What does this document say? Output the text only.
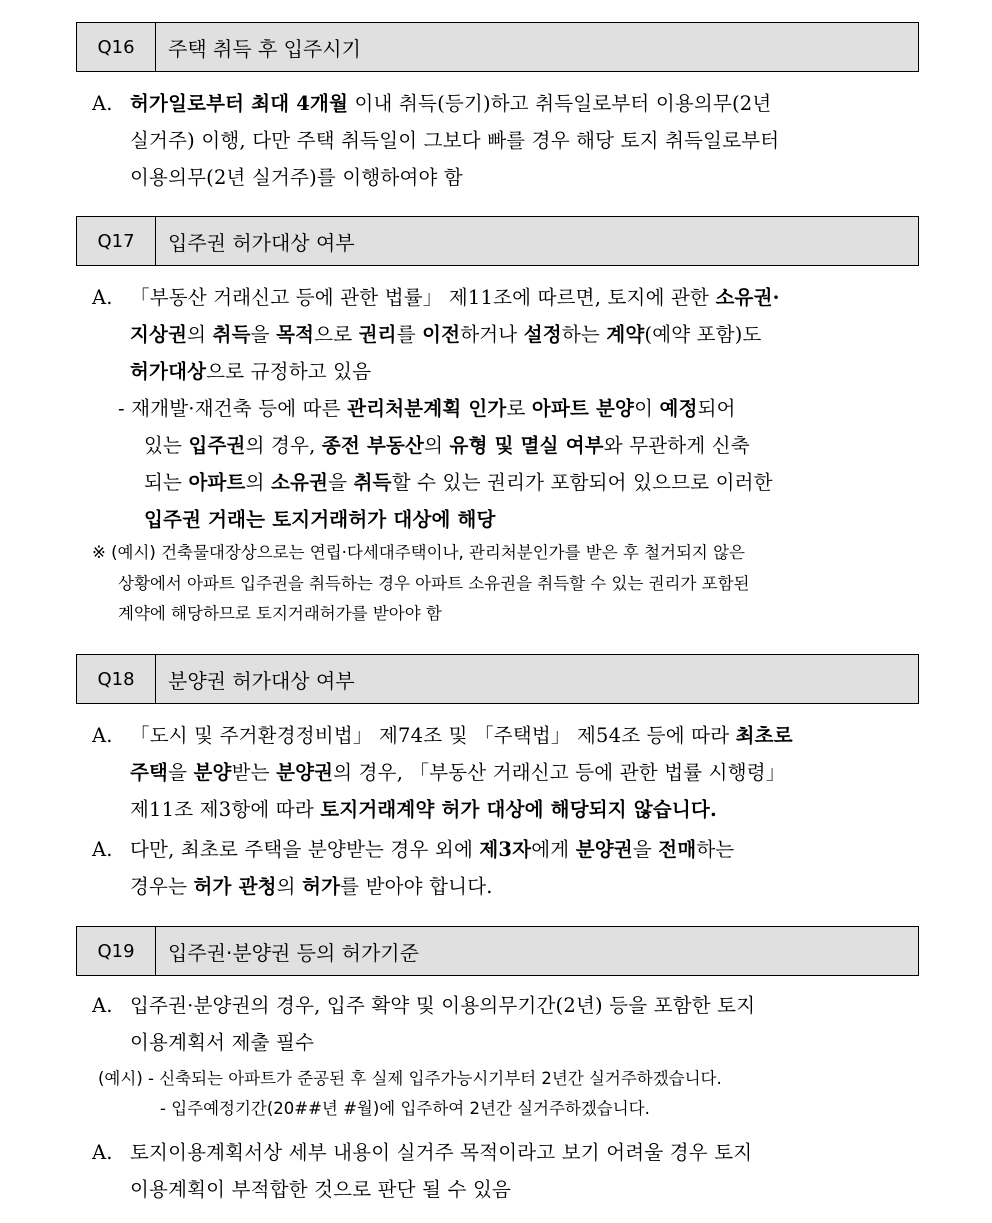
Q16	주택 취득 후 입주시기
A. 허가일로부터 최대 4개월 이내 취득(등기)하고 취득일로부터 이용의무(2년
실거주) 이행, 다만 주택 취득일이 그보다 빠를 경우 해당 토지 취득일로부터
이용의무(2년 실거주)를 이행하여야 함
Q17	입주권 허가대상 여부
A. 「부동산 거래신고 등에 관한 법률」 제11조에 따르면, 토지에 관한 소유권·
지상권의 취득을 목적으로 권리를 이전하거나 설정하는 계약(예약 포함)도
허가대상으로 규정하고 있음
- 재개발·재건축 등에 따른 관리처분계획 인가로 아파트 분양이 예정되어
있는 입주권의 경우, 종전 부동산의 유형 및 멸실 여부와 무관하게 신축
되는 아파트의 소유권을 취득할 수 있는 권리가 포함되어 있으므로 이러한
입주권 거래는 토지거래허가 대상에 해당
※ (예시) 건축물대장상으로는 연립·다세대주택이나, 관리처분인가를 받은 후 철거되지 않은
상황에서 아파트 입주권을 취득하는 경우 아파트 소유권을 취득할 수 있는 권리가 포함된
계약에 해당하므로 토지거래허가를 받아야 함
Q18	분양권 허가대상 여부
A. 「도시 및 주거환경정비법」 제74조 및 「주택법」 제54조 등에 따라 최초로
주택을 분양받는 분양권의 경우, 「부동산 거래신고 등에 관한 법률 시행령」
제11조 제3항에 따라 토지거래계약 허가 대상에 해당되지 않습니다.
A. 다만, 최초로 주택을 분양받는 경우 외에 제3자에게 분양권을 전매하는
경우는 허가 관청의 허가를 받아야 합니다.
Q19	입주권·분양권 등의 허가기준
A. 입주권·분양권의 경우, 입주 확약 및 이용의무기간(2년) 등을 포함한 토지
이용계획서 제출 필수
(예시) - 신축되는 아파트가 준공된 후 실제 입주가능시기부터 2년간 실거주하겠습니다.
- 입주예정기간(20##년 #월)에 입주하여 2년간 실거주하겠습니다.
A. 토지이용계획서상 세부 내용이 실거주 목적이라고 보기 어려울 경우 토지
이용계획이 부적합한 것으로 판단 될 수 있음
